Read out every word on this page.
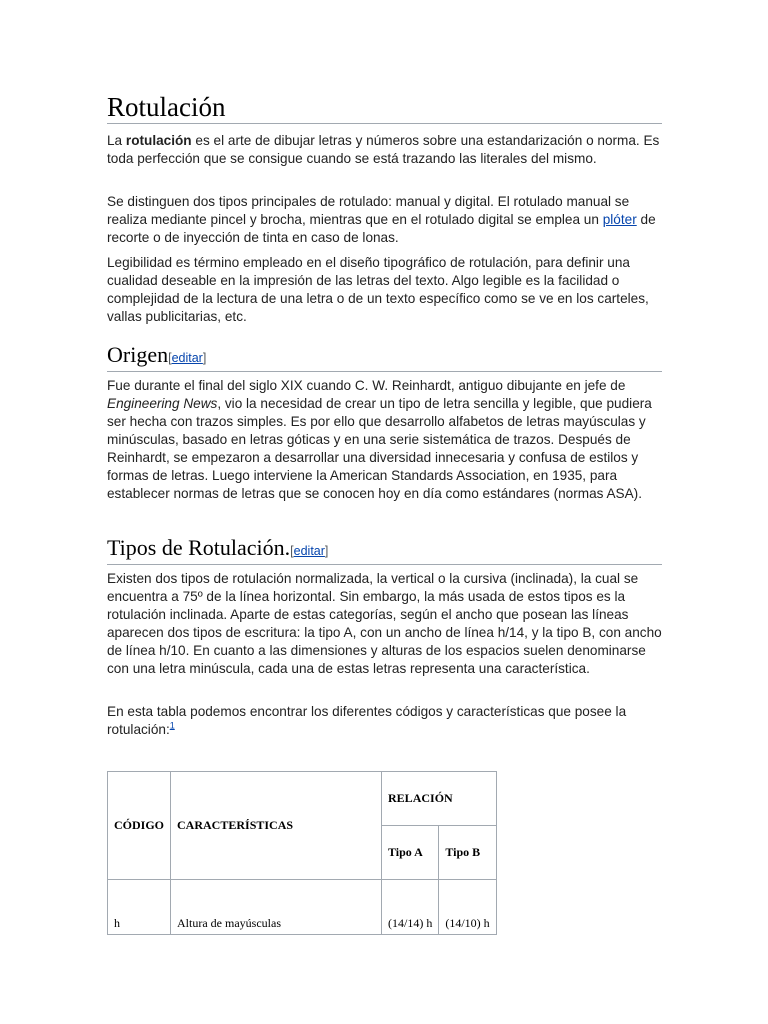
Rotulación

La rotulación es el arte de dibujar letras y números sobre una estandarización o norma. Es toda perfección que se consigue cuando se está trazando las literales del mismo.

Se distinguen dos tipos principales de rotulado: manual y digital. El rotulado manual se realiza mediante pincel y brocha, mientras que en el rotulado digital se emplea un plóter de recorte o de inyección de tinta en caso de lonas.

Legibilidad es término empleado en el diseño tipográfico de rotulación, para definir una cualidad deseable en la impresión de las letras del texto. Algo legible es la facilidad o complejidad de la lectura de una letra o de un texto específico como se ve en los carteles, vallas publicitarias, etc.

Origen[editar]

Fue durante el final del siglo XIX cuando C. W. Reinhardt, antiguo dibujante en jefe de Engineering News, vio la necesidad de crear un tipo de letra sencilla y legible, que pudiera ser hecha con trazos simples. Es por ello que desarrollo alfabetos de letras mayúsculas y minúsculas, basado en letras góticas y en una serie sistemática de trazos. Después de Reinhardt, se empezaron a desarrollar una diversidad innecesaria y confusa de estilos y formas de letras. Luego interviene la American Standards Association, en 1935, para establecer normas de letras que se conocen hoy en día como estándares (normas ASA).

Tipos de Rotulación.[editar]

Existen dos tipos de rotulación normalizada, la vertical o la cursiva (inclinada), la cual se encuentra a 75º de la línea horizontal. Sin embargo, la más usada de estos tipos es la rotulación inclinada. Aparte de estas categorías, según el ancho que posean las líneas aparecen dos tipos de escritura: la tipo A, con un ancho de línea h/14, y la tipo B, con ancho de línea h/10. En cuanto a las dimensiones y alturas de los espacios suelen denominarse con una letra minúscula, cada una de estas letras representa una característica.

En esta tabla podemos encontrar los diferentes códigos y características que posee la rotulación:$^1$

CÓDIGO	CARACTERÍSTICAS	RELACIÓN	
		Tipo A	Tipo B
h	Altura de mayúsculas	(14/14) h	(14/10) h
